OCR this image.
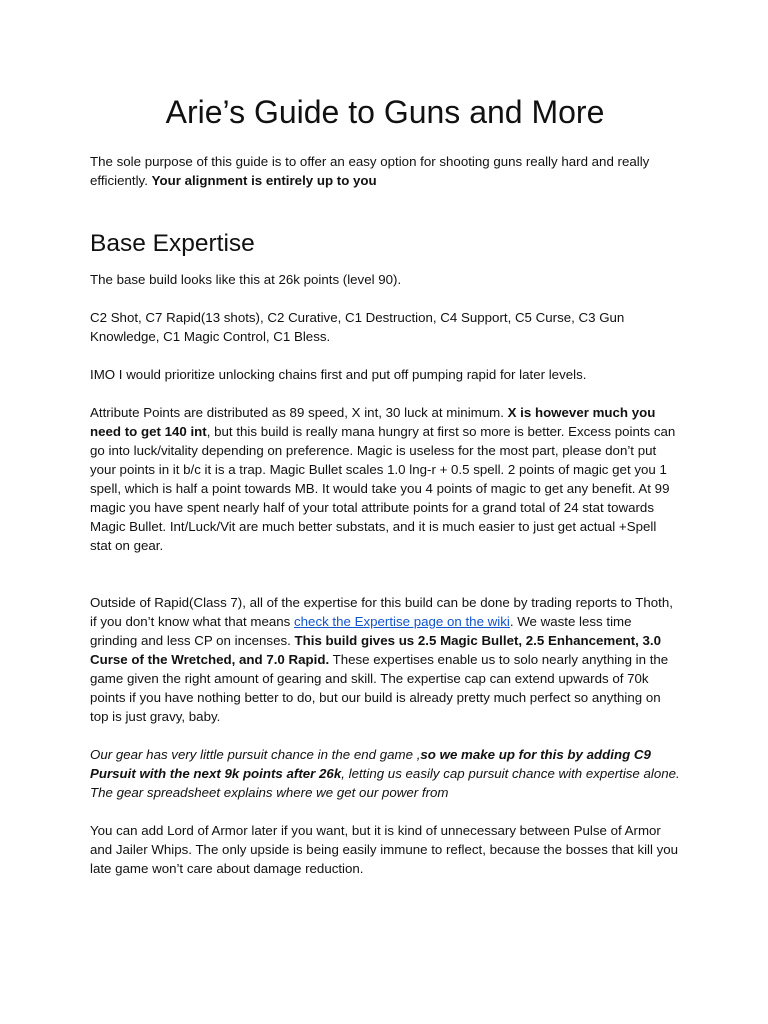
Arie’s Guide to Guns and More

The sole purpose of this guide is to offer an easy option for shooting guns really hard and really efficiently. Your alignment is entirely up to you

Base Expertise

The base build looks like this at 26k points (level 90).

C2 Shot, C7 Rapid(13 shots), C2 Curative, C1 Destruction, C4 Support, C5 Curse, C3 Gun Knowledge, C1 Magic Control, C1 Bless.

IMO I would prioritize unlocking chains first and put off pumping rapid for later levels.

Attribute Points are distributed as 89 speed, X int, 30 luck at minimum. X is however much you need to get 140 int, but this build is really mana hungry at first so more is better. Excess points can go into luck/vitality depending on preference. Magic is useless for the most part, please don’t put your points in it b/c it is a trap. Magic Bullet scales 1.0 lng-r + 0.5 spell. 2 points of magic get you 1 spell, which is half a point towards MB. It would take you 4 points of magic to get any benefit. At 99 magic you have spent nearly half of your total attribute points for a grand total of 24 stat towards Magic Bullet. Int/Luck/Vit are much better substats, and it is much easier to just get actual +Spell stat on gear.

Outside of Rapid(Class 7), all of the expertise for this build can be done by trading reports to Thoth, if you don’t know what that means check the Expertise page on the wiki. We waste less time grinding and less CP on incenses. This build gives us 2.5 Magic Bullet, 2.5 Enhancement, 3.0 Curse of the Wretched, and 7.0 Rapid. These expertises enable us to solo nearly anything in the game given the right amount of gearing and skill. The expertise cap can extend upwards of 70k points if you have nothing better to do, but our build is already pretty much perfect so anything on top is just gravy, baby.

Our gear has very little pursuit chance in the end game ,so we make up for this by adding C9 Pursuit with the next 9k points after 26k, letting us easily cap pursuit chance with expertise alone. The gear spreadsheet explains where we get our power from

You can add Lord of Armor later if you want, but it is kind of unnecessary between Pulse of Armor and Jailer Whips. The only upside is being easily immune to reflect, because the bosses that kill you late game won’t care about damage reduction.
